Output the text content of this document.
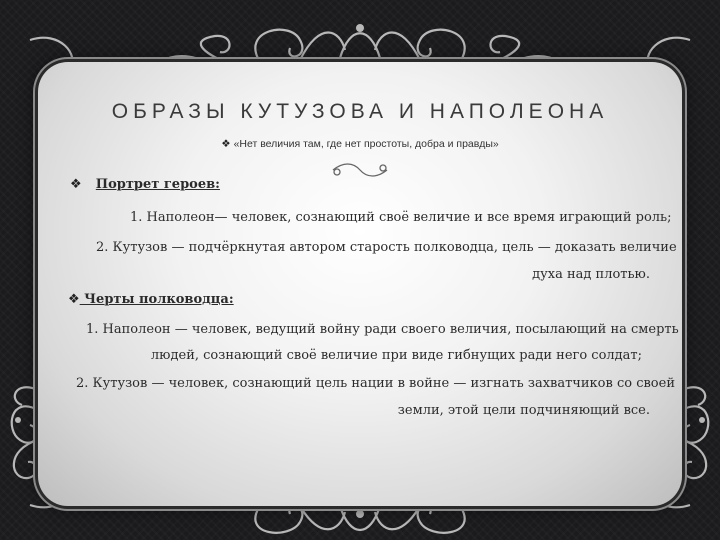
ОБРАЗЫ КУТУЗОВА И НАПОЛЕОНА
❖ «Нет величия там, где нет простоты, добра и правды»
❖ Портрет героев:
1. Наполеон— человек, сознающий своё величие и все время играющий роль;
2. Кутузов — подчёркнутая автором старость полководца, цель — доказать величие
духа над плотью.
❖ Черты полководца:
1. Наполеон — человек, ведущий войну ради своего величия, посылающий на смерть
людей, сознающий своё величие при виде гибнущих ради него солдат;
2. Кутузов — человек, сознающий цель нации в войне — изгнать захватчиков со своей
земли, этой цели подчиняющий все.
